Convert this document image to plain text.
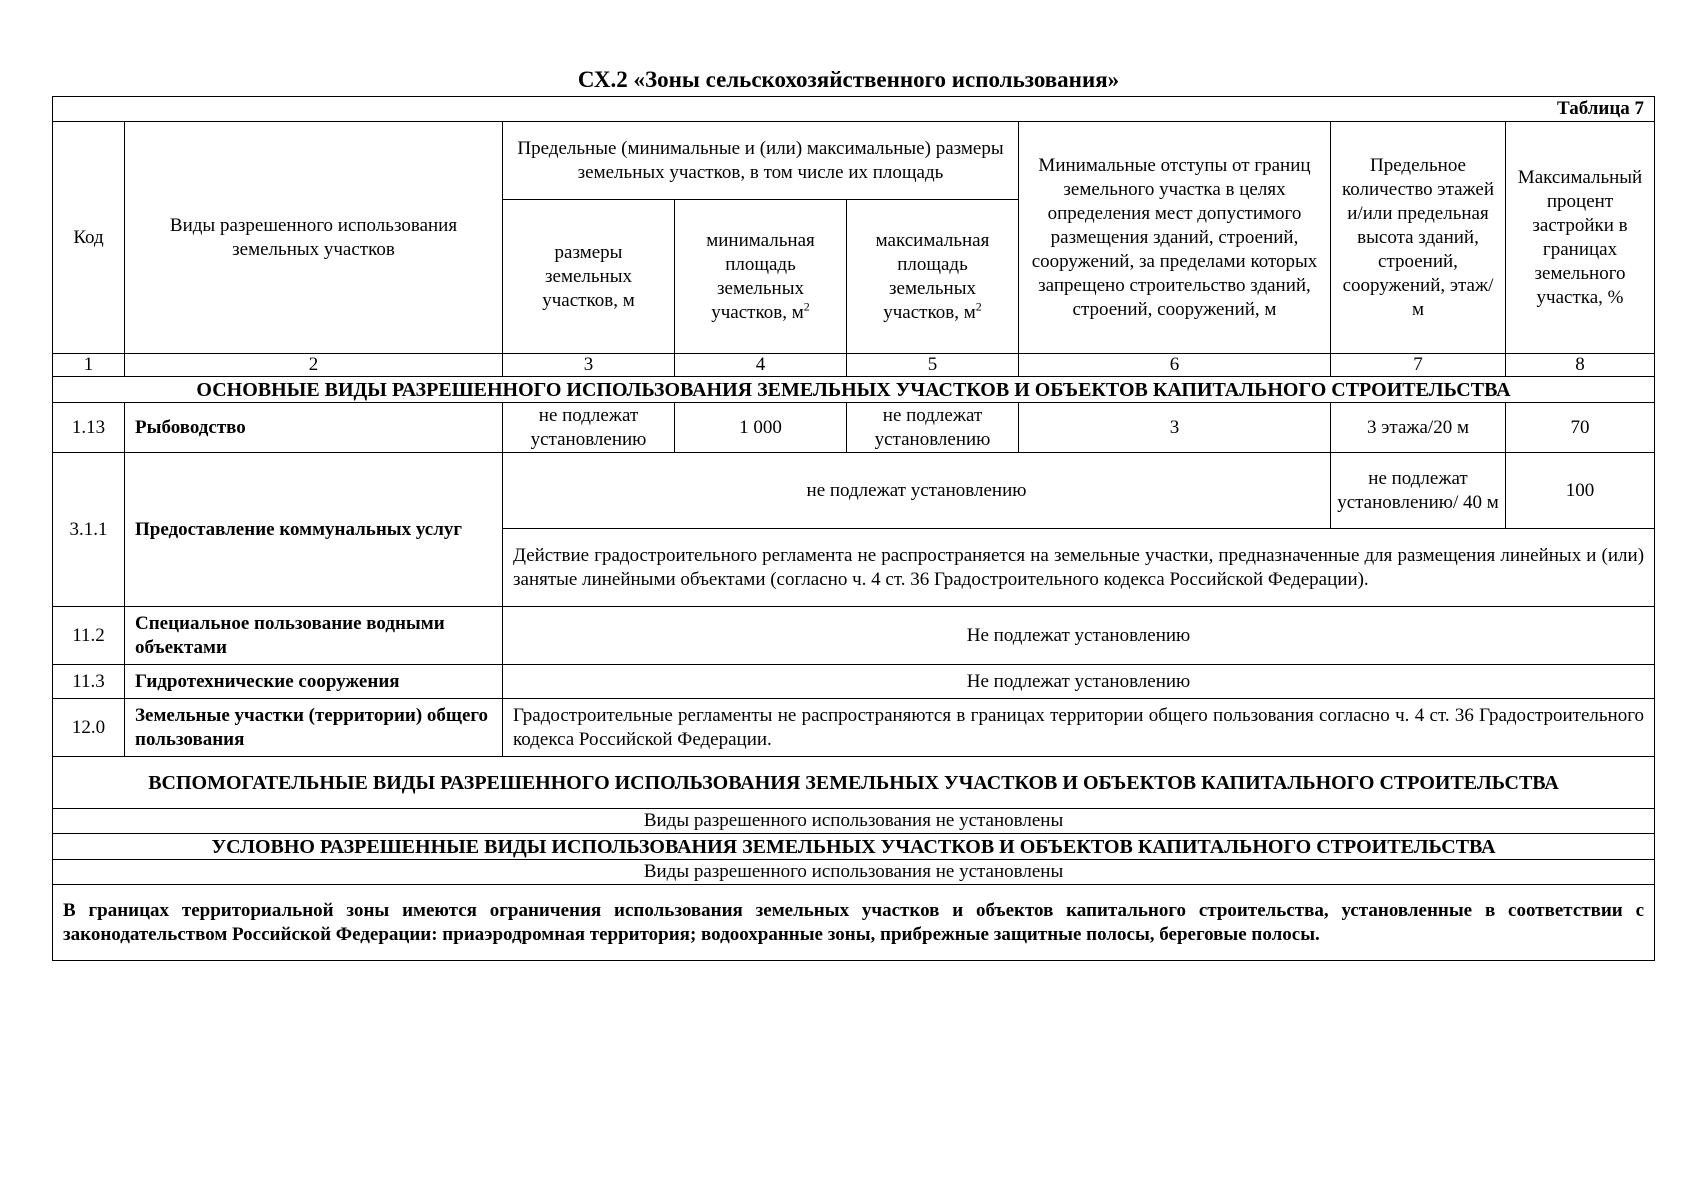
СХ.2 «Зоны сельскохозяйственного использования»
Таблица 7							
Код	Виды разрешенного использования земельных участков	Предельные (минимальные и (или) максимальные) размеры земельных участков, в том числе их площадь			Минимальные отступы от границ земельного участка в целях определения мест допустимого размещения зданий, строений, сооружений, за пределами которых запрещено строительство зданий, строений, сооружений, м	Предельное количество этажей и/или предельная высота зданий, строений, сооружений, этаж/м	Максимальный процент застройки в границах земельного участка, %
		размеры земельных участков, м	минимальная площадь земельных участков, $м^2$	максимальная площадь земельных участков, $м^2$
1	2	3	4	5	6	7	8
ОСНОВНЫЕ ВИДЫ РАЗРЕШЕННОГО ИСПОЛЬЗОВАНИЯ ЗЕМЕЛЬНЫХ УЧАСТКОВ И ОБЪЕКТОВ КАПИТАЛЬНОГО СТРОИТЕЛЬСТВА							
1.13	Рыбоводство	не подлежат установлению	1 000	не подлежат установлению	3	3 этажа/20 м	70
3.1.1	Предоставление коммунальных услуг	не подлежат установлению				не подлежат установлению/ 40 м	100
		Действие градостроительного регламента не распространяется на земельные участки, предназначенные для размещения линейных и (или) занятые линейными объектами (согласно ч. 4 ст. 36 Градостроительного кодекса Российской Федерации).					
11.2	Специальное пользование водными объектами	Не подлежат установлению					
11.3	Гидротехнические сооружения	Не подлежат установлению					
12.0	Земельные участки (территории) общего пользования	Градостроительные регламенты не распространяются в границах территории общего пользования согласно ч. 4 ст. 36 Градостроительного кодекса Российской Федерации.					
ВСПОМОГАТЕЛЬНЫЕ ВИДЫ РАЗРЕШЕННОГО ИСПОЛЬЗОВАНИЯ ЗЕМЕЛЬНЫХ УЧАСТКОВ И ОБЪЕКТОВ КАПИТАЛЬНОГО СТРОИТЕЛЬСТВА							
Виды разрешенного использования не установлены							
УСЛОВНО РАЗРЕШЕННЫЕ ВИДЫ ИСПОЛЬЗОВАНИЯ ЗЕМЕЛЬНЫХ УЧАСТКОВ И ОБЪЕКТОВ КАПИТАЛЬНОГО СТРОИТЕЛЬСТВА							
Виды разрешенного использования не установлены							
В границах территориальной зоны имеются ограничения использования земельных участков и объектов капитального строительства, установленные в соответствии с законодательством Российской Федерации: приаэродромная территория; водоохранные зоны, прибрежные защитные полосы, береговые полосы.							
